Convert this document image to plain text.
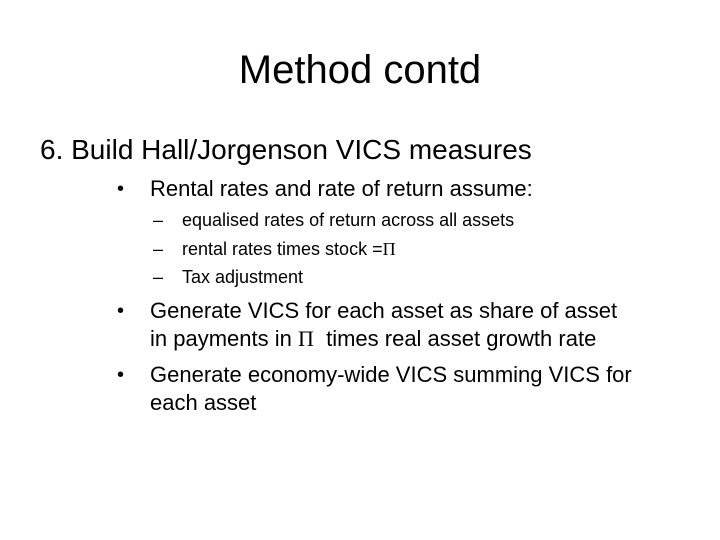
Method contd
6. Build Hall/Jorgenson VICS measures
• Rental rates and rate of return assume:
– equalised rates of return across all assets
– rental rates times stock =Π
– Tax adjustment
• Generate VICS for each asset as share of asset
in payments in Π  times real asset growth rate
• Generate economy-wide VICS summing VICS for
each asset
